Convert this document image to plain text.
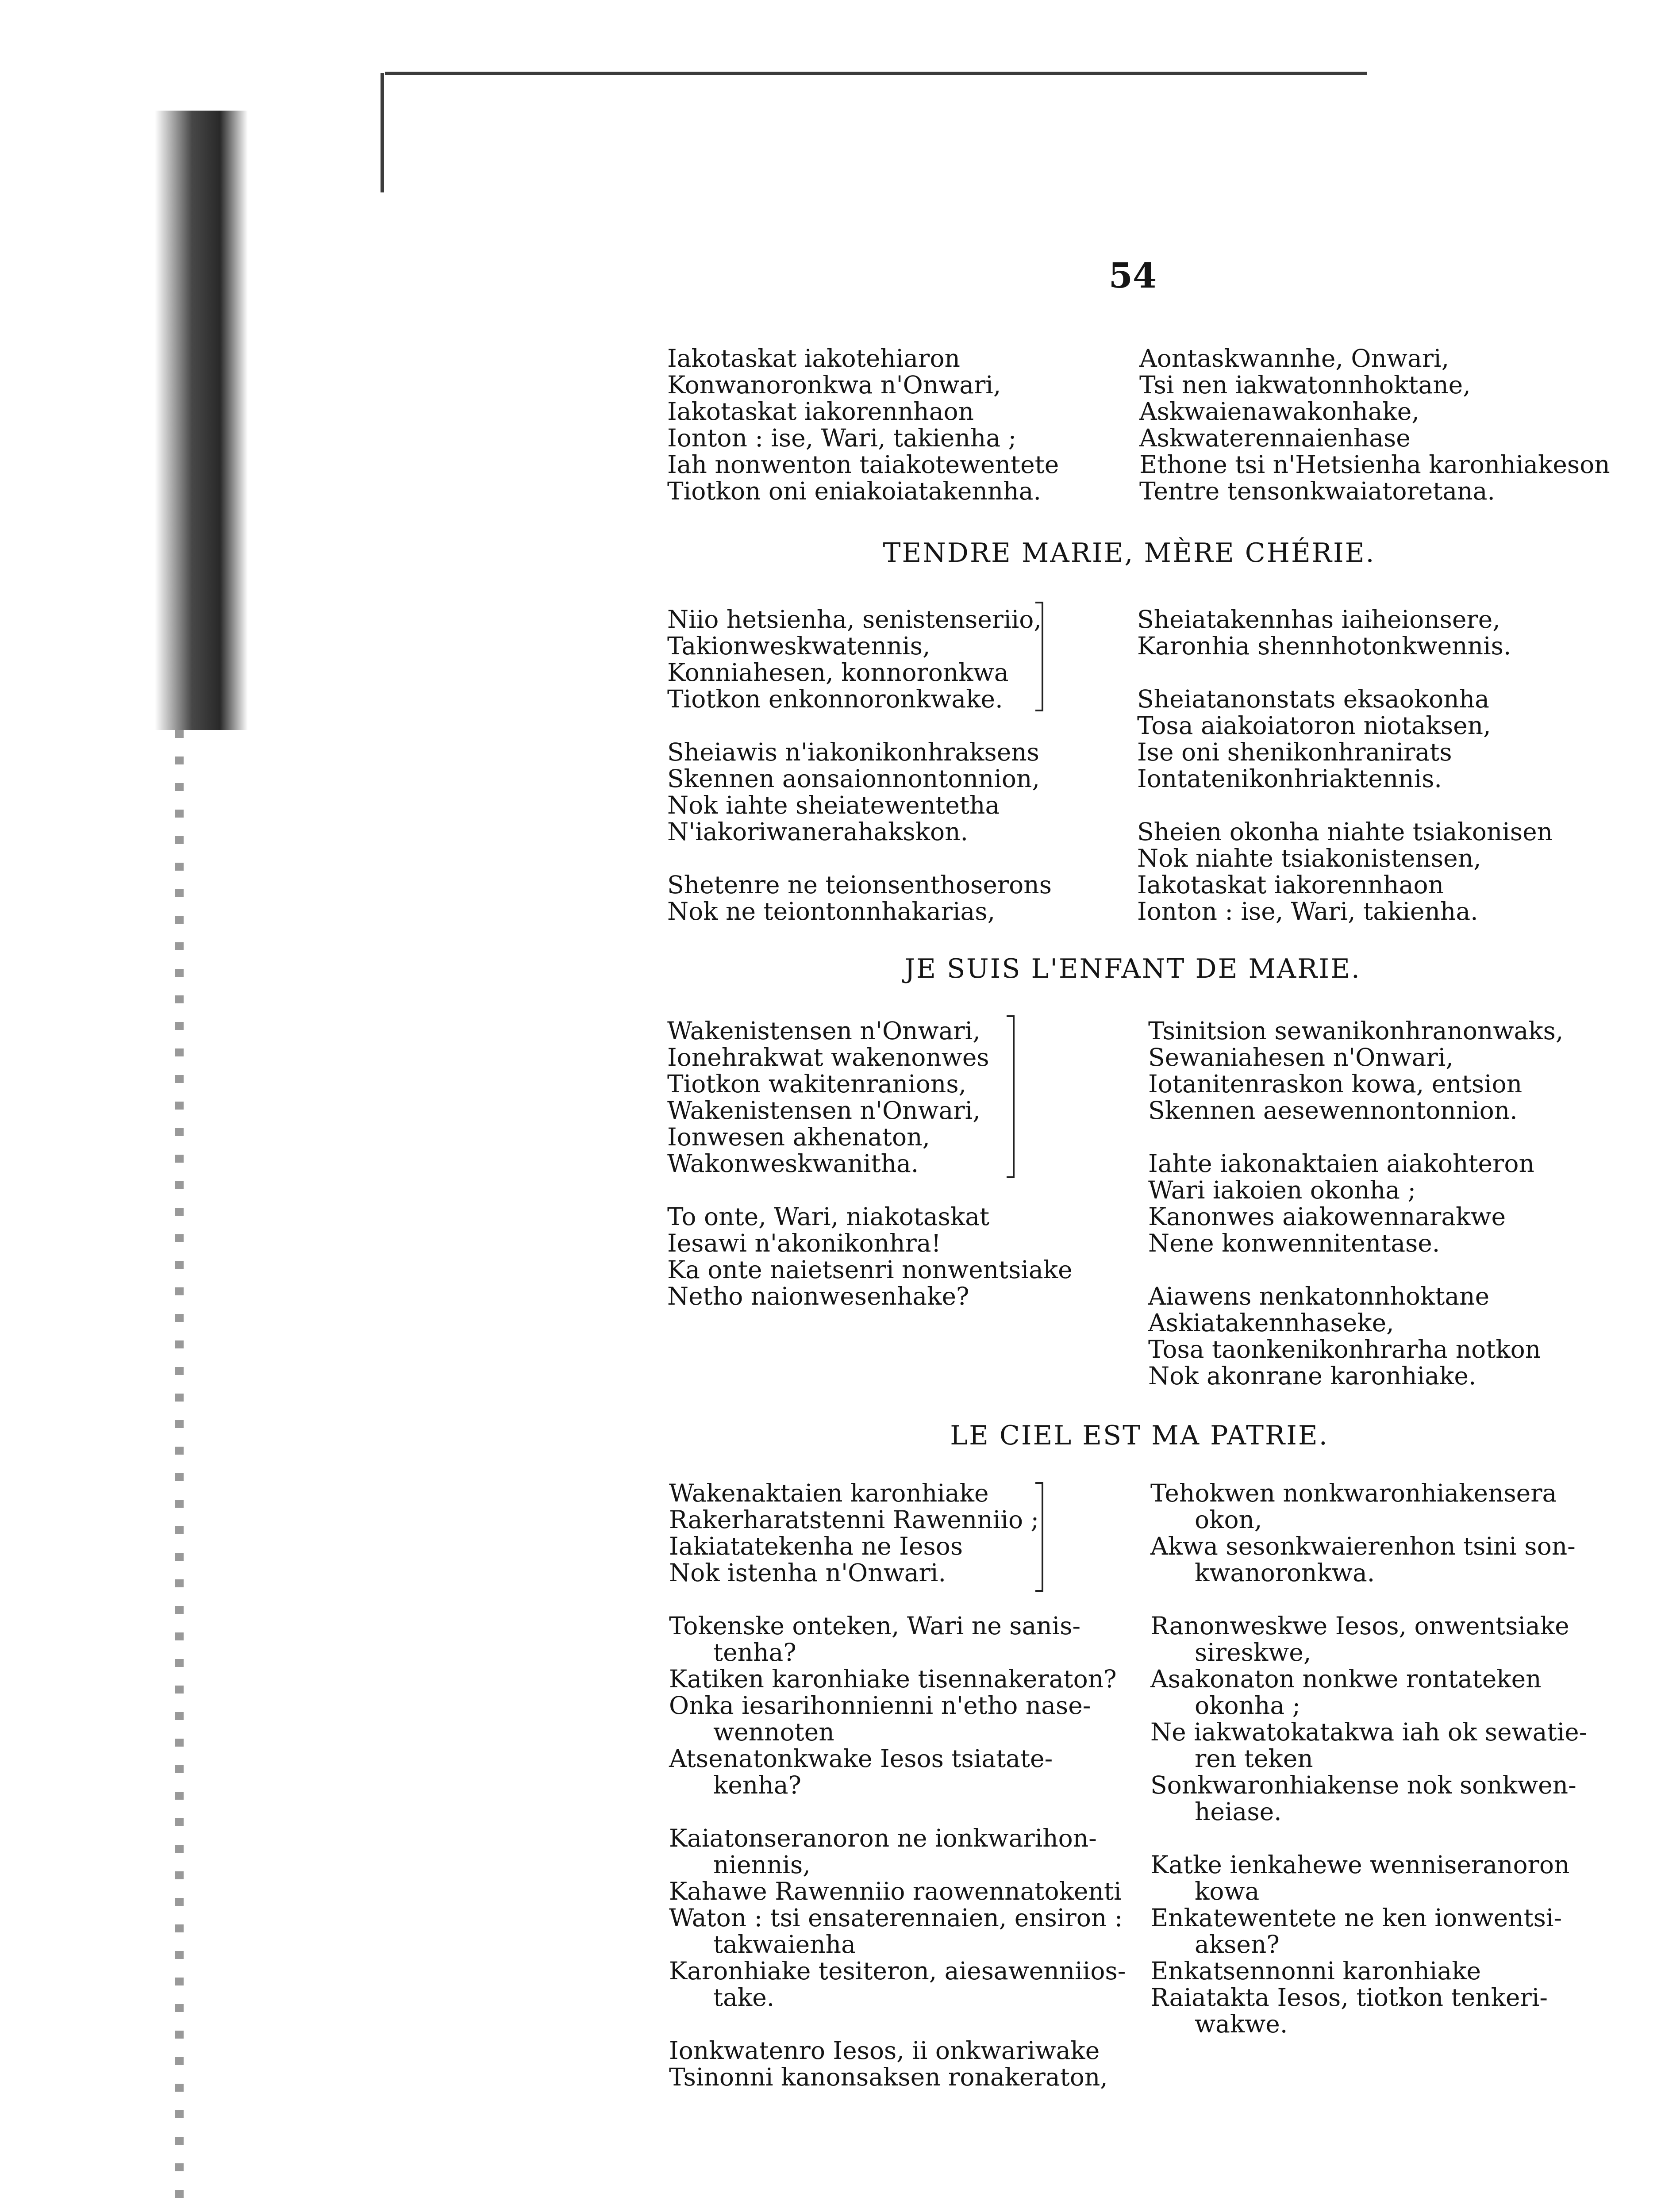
54
Iakotaskat iakotehiaron
Konwanoronkwa n'Onwari,
Iakotaskat iakorennhaon
Ionton : ise, Wari, takienha ;
Iah nonwenton taiakotewentete
Tiotkon oni eniakoiatakennha.
Aontaskwannhe, Onwari,
Tsi nen iakwatonnhoktane,
Askwaienawakonhake,
Askwaterennaienhase
Ethone tsi n'Hetsienha karonhiakeson
Tentre tensonkwaiatoretana.
TENDRE MARIE, MÈRE CHÉRIE.
Niio hetsienha, senistenseriio,
Takionweskwatennis,
Konniahesen, konnoronkwa
Tiotkon enkonnoronkwake.
Sheiawis n'iakonikonhraksens
Skennen aonsaionnontonnion,
Nok iahte sheiatewentetha
N'iakoriwanerahakskon.
Shetenre ne teionsenthoserons
Nok ne teiontonnhakarias,
Sheiatakennhas iaiheionsere,
Karonhia shennhotonkwennis.
Sheiatanonstats eksaokonha
Tosa aiakoiatoron niotaksen,
Ise oni shenikonhranirats
Iontatenikonhriaktennis.
Sheien okonha niahte tsiakonisen
Nok niahte tsiakonistensen,
Iakotaskat iakorennhaon
Ionton : ise, Wari, takienha.
JE SUIS L'ENFANT DE MARIE.
Wakenistensen n'Onwari,
Ionehrakwat wakenonwes
Tiotkon wakitenranions,
Wakenistensen n'Onwari,
Ionwesen akhenaton,
Wakonweskwanitha.
To onte, Wari, niakotaskat
Iesawi n'akonikonhra!
Ka onte naietsenri nonwentsiake
Netho naionwesenhake?
Tsinitsion sewanikonhranonwaks,
Sewaniahesen n'Onwari,
Iotanitenraskon kowa, entsion
Skennen aesewennontonnion.
Iahte iakonaktaien aiakohteron
Wari iakoien okonha ;
Kanonwes aiakowennarakwe
Nene konwennitentase.
Aiawens nenkatonnhoktane
Askiatakennhaseke,
Tosa taonkenikonhrarha notkon
Nok akonrane karonhiake.
LE CIEL EST MA PATRIE.
Wakenaktaien karonhiake
Rakerharatstenni Rawenniio ;
Iakiatatekenha ne Iesos
Nok istenha n'Onwari.
Tokenske onteken, Wari ne sanis-
tenha?
Katiken karonhiake tisennakeraton?
Onka iesarihonnienni n'etho nase-
wennoten
Atsenatonkwake Iesos tsiatate-
kenha?
Kaiatonseranoron ne ionkwarihon-
niennis,
Kahawe Rawenniio raowennatokenti
Waton : tsi ensaterennaien, ensiron :
takwaienha
Karonhiake tesiteron, aiesawenniios-
take.
Ionkwatenro Iesos, ii onkwariwake
Tsinonni kanonsaksen ronakeraton,
Tehokwen nonkwaronhiakensera
okon,
Akwa sesonkwaierenhon tsini son-
kwanoronkwa.
Ranonweskwe Iesos, onwentsiake
sireskwe,
Asakonaton nonkwe rontateken
okonha ;
Ne iakwatokatakwa iah ok sewatie-
ren teken
Sonkwaronhiakense nok sonkwen-
heiase.
Katke ienkahewe wenniseranoron
kowa
Enkatewentete ne ken ionwentsi-
aksen?
Enkatsennonni karonhiake
Raiatakta Iesos, tiotkon tenkeri-
wakwe.
